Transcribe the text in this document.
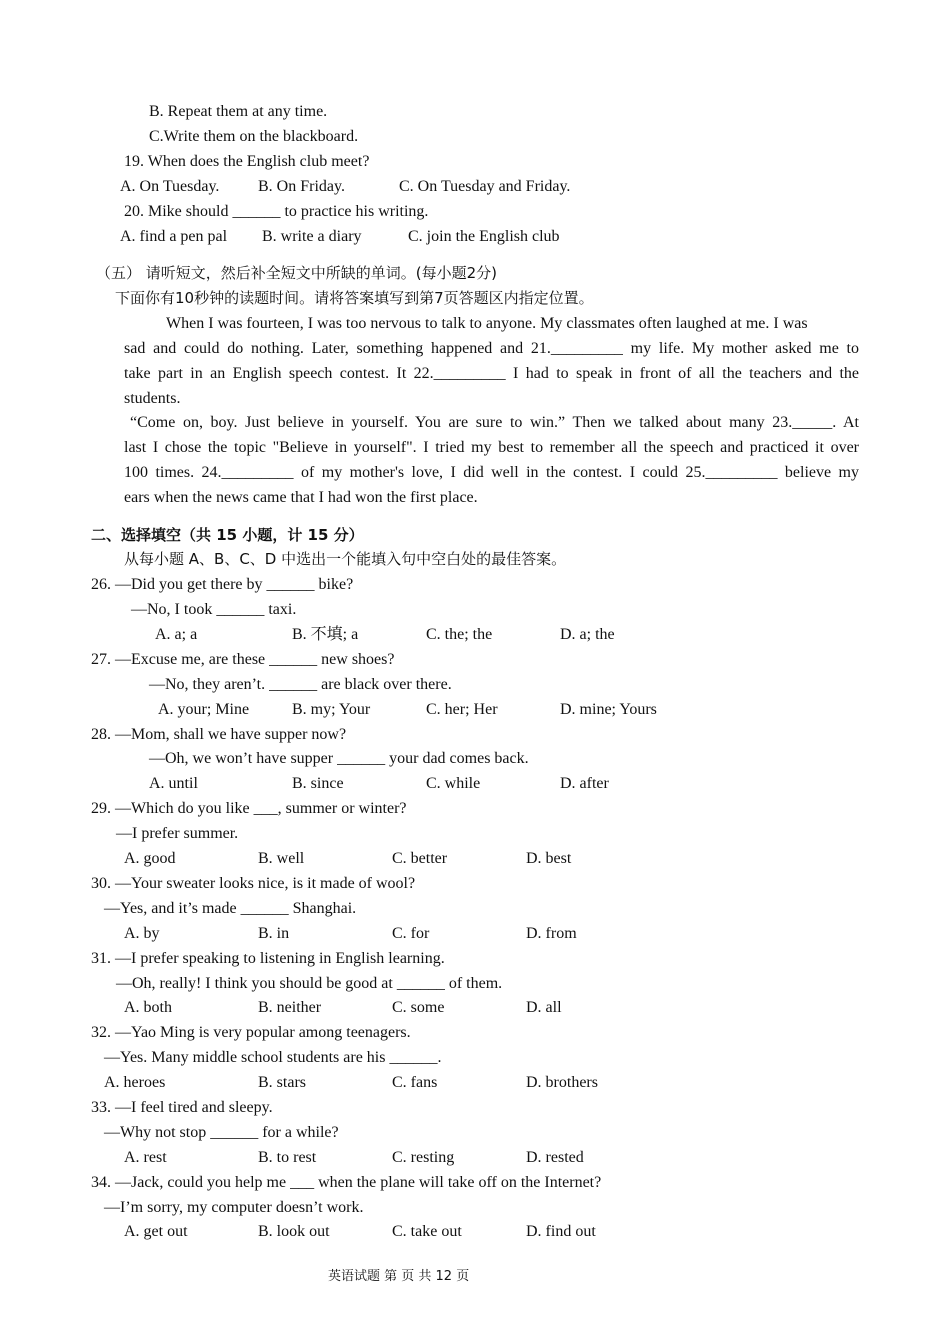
B. Repeat them at any time.
C.Write them on the blackboard.
19. When does the English club meet?
A. On Tuesday. B. On Friday.	C. On Tuesday and Friday.
20. Mike should ______ to practice his writing.
A. find a pen pal B. write a diary	C. join the English club
（五） 请听短文，然后补全短文中所缺的单词。(每小题2分)
下面你有10秒钟的读题时间。请将答案填写到第7页答题区内指定位置。
When I was fourteen, I was too nervous to talk to anyone. My classmates often laughed at me. I was
sad and could do nothing. Later, something happened and 21._________ my life. My mother asked me to
take part in an English speech contest. It 22._________ I had to speak in front of all the teachers and the
students.
“Come on, boy. Just believe in yourself. You are sure to win.” Then we talked about many 23._____. At
last I chose the topic "Believe in yourself". I tried my best to remember all the speech and practiced it over
100 times. 24._________ of my mother's love, I did well in the contest. I could 25._________ believe my
ears when the news came that I had won the first place.
二、选择填空（共 15 小题，计 15 分）
从每小题 A、B、C、D 中选出一个能填入句中空白处的最佳答案。
26. —Did you get there by ______ bike?
—No, I took ______ taxi.
A. a; a	B. 不填; a	C. the; the	D. a; the
27. —Excuse me, are these ______ new shoes?
—No, they aren’t. ______ are black over there.
A. your; Mine	B. my; Your	C. her; Her	D. mine; Yours
28. —Mom, shall we have supper now?
—Oh, we won’t have supper ______ your dad comes back.
A. until	B. since	C. while	D. after
29. —Which do you like ___, summer or winter?
—I prefer summer.
A. good	B. well	C. better	D. best
30. —Your sweater looks nice, is it made of wool?
—Yes, and it’s made ______ Shanghai.
A. by	B. in	C. for	D. from
31. —I prefer speaking to listening in English learning.
—Oh, really! I think you should be good at ______ of them.
A. both	B. neither	C. some	D. all
32. —Yao Ming is very popular among teenagers.
—Yes. Many middle school students are his ______.
A. heroes	B. stars	C. fans	D. brothers
33. —I feel tired and sleepy.
—Why not stop ______ for a while?
A. rest	B. to rest	C. resting	D. rested
34. —Jack, could you help me ___ when the plane will take off on the Internet?
—I’m sorry, my computer doesn’t work.
A. get out	B. look out	C. take out	D. find out
英语试题 第 页 共 12 页
